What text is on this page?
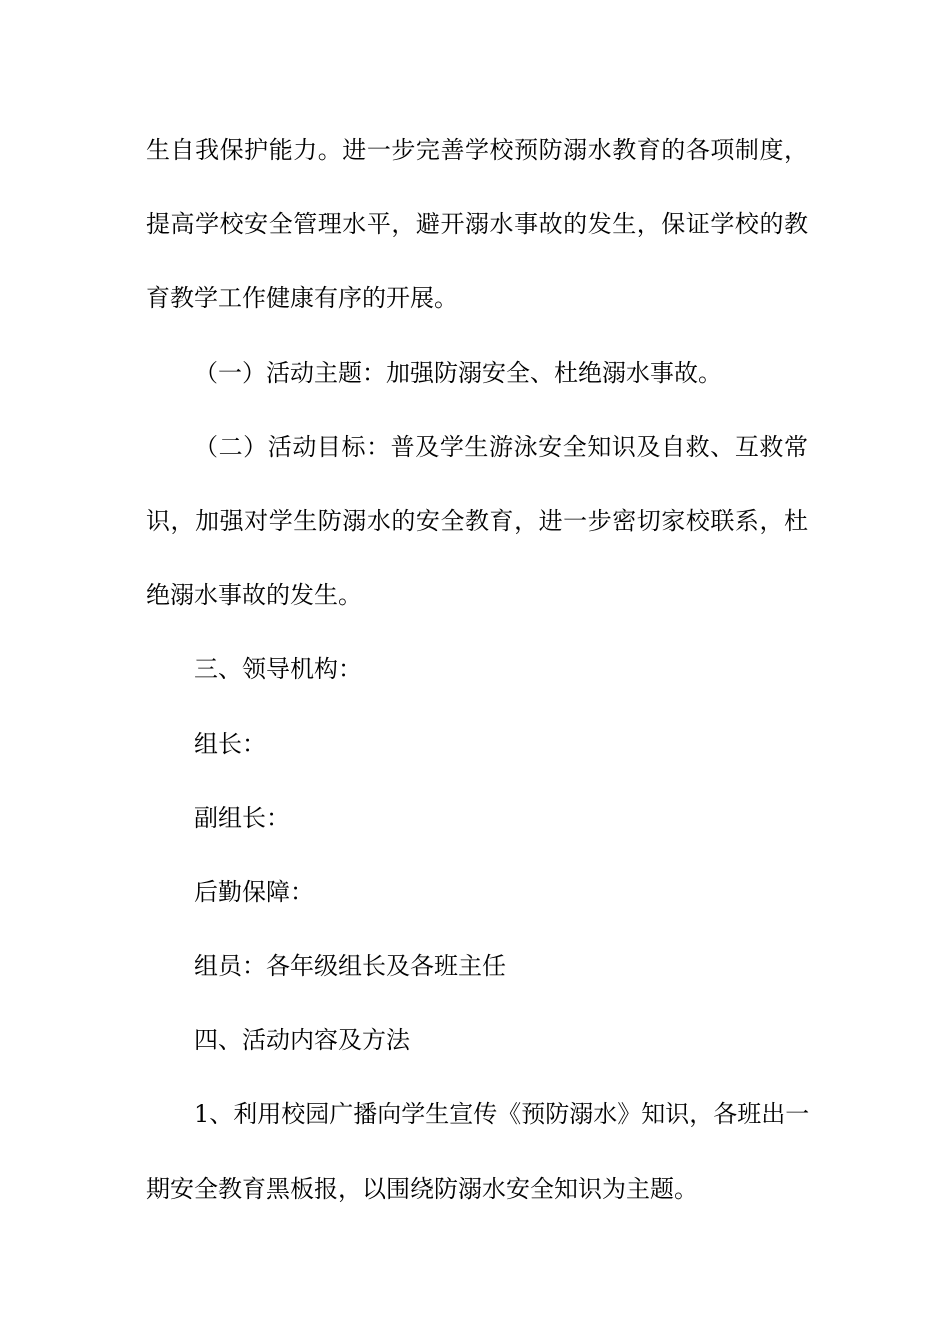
生自我保护能力。进一步完善学校预防溺水教育的各项制度，
提高学校安全管理水平，避开溺水事故的发生，保证学校的教
育教学工作健康有序的开展。
（一）活动主题：加强防溺安全、杜绝溺水事故。
（二）活动目标：普及学生游泳安全知识及自救、互救常
识，加强对学生防溺水的安全教育，进一步密切家校联系，杜
绝溺水事故的发生。
三、领导机构：
组长：
副组长：
后勤保障：
组员：各年级组长及各班主任
四、活动内容及方法
1、利用校园广播向学生宣传《预防溺水》知识，各班出一
期安全教育黑板报，以围绕防溺水安全知识为主题。
